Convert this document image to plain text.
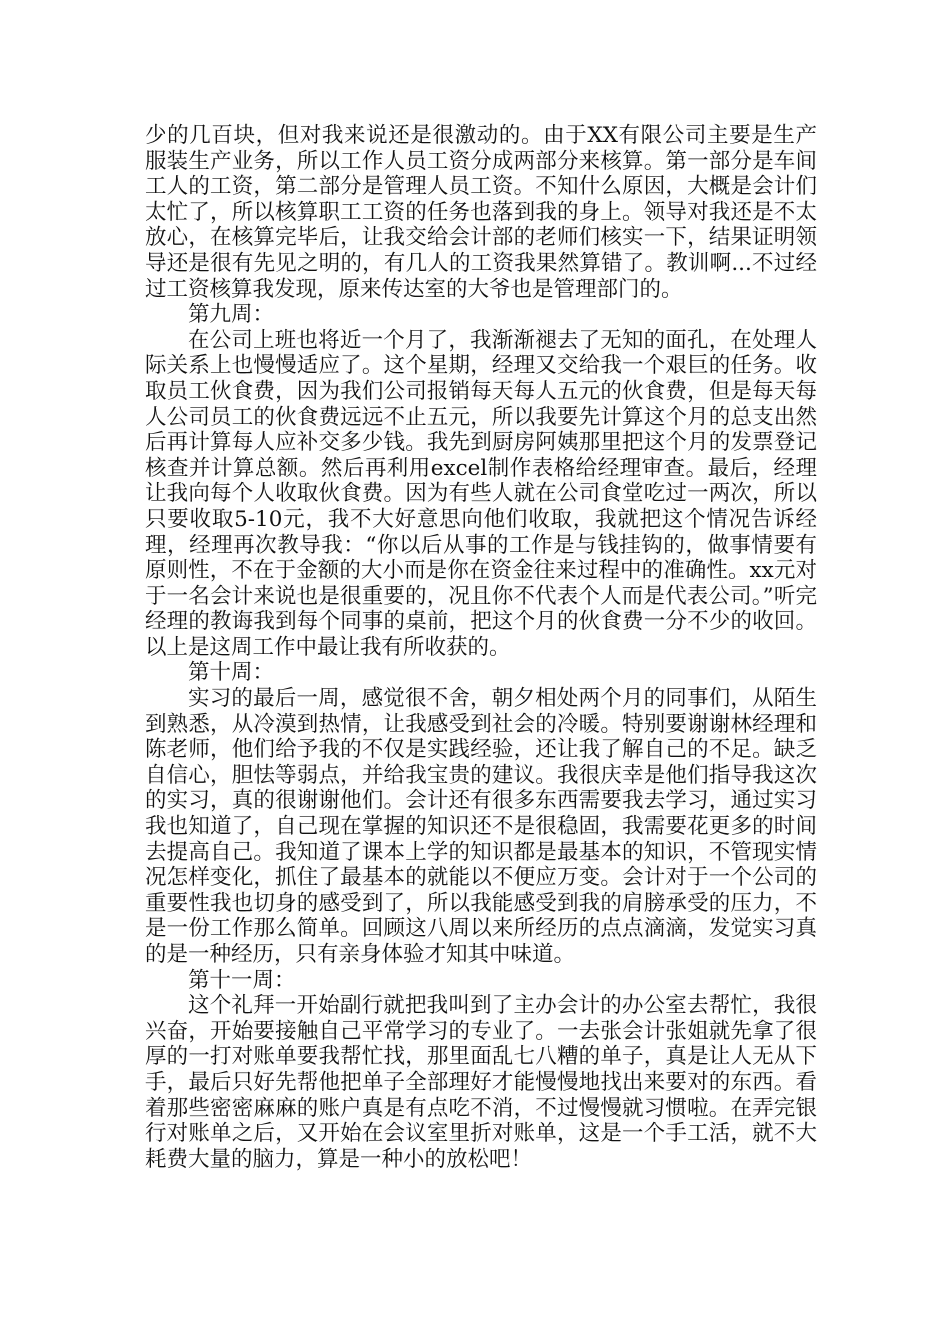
少的几百块，但对我来说还是很激动的。由于XX有限公司主要是生产服装生产业务，所以工作人员工资分成两部分来核算。第一部分是车间工人的工资，第二部分是管理人员工资。不知什么原因，大概是会计们太忙了，所以核算职工工资的任务也落到我的身上。领导对我还是不太放心，在核算完毕后，让我交给会计部的老师们核实一下，结果证明领导还是很有先见之明的，有几人的工资我果然算错了。教训啊...不过经过工资核算我发现，原来传达室的大爷也是管理部门的。

第九周：

在公司上班也将近一个月了，我渐渐褪去了无知的面孔，在处理人际关系上也慢慢适应了。这个星期，经理又交给我一个艰巨的任务。收取员工伙食费，因为我们公司报销每天每人五元的伙食费，但是每天每人公司员工的伙食费远远不止五元，所以我要先计算这个月的总支出然后再计算每人应补交多少钱。我先到厨房阿姨那里把这个月的发票登记核查并计算总额。然后再利用excel制作表格给经理审查。最后，经理让我向每个人收取伙食费。因为有些人就在公司食堂吃过一两次，所以只要收取5-10元，我不大好意思向他们收取，我就把这个情况告诉经理，经理再次教导我：“你以后从事的工作是与钱挂钩的，做事情要有原则性，不在于金额的大小而是你在资金往来过程中的准确性。xx元对于一名会计来说也是很重要的，况且你不代表个人而是代表公司。”听完经理的教诲我到每个同事的桌前，把这个月的伙食费一分不少的收回。以上是这周工作中最让我有所收获的。

第十周：

实习的最后一周，感觉很不舍，朝夕相处两个月的同事们，从陌生到熟悉，从冷漠到热情，让我感受到社会的冷暖。特别要谢谢林经理和陈老师，他们给予我的不仅是实践经验，还让我了解自己的不足。缺乏自信心，胆怯等弱点，并给我宝贵的建议。我很庆幸是他们指导我这次的实习，真的很谢谢他们。会计还有很多东西需要我去学习，通过实习我也知道了，自己现在掌握的知识还不是很稳固，我需要花更多的时间去提高自己。我知道了课本上学的知识都是最基本的知识，不管现实情况怎样变化，抓住了最基本的就能以不便应万变。会计对于一个公司的重要性我也切身的感受到了，所以我能感受到我的肩膀承受的压力，不是一份工作那么简单。回顾这八周以来所经历的点点滴滴，发觉实习真的是一种经历，只有亲身体验才知其中味道。

第十一周：

这个礼拜一开始副行就把我叫到了主办会计的办公室去帮忙，我很兴奋，开始要接触自己平常学习的专业了。一去张会计张姐就先拿了很厚的一打对账单要我帮忙找，那里面乱七八糟的单子，真是让人无从下手，最后只好先帮他把单子全部理好才能慢慢地找出来要对的东西。看着那些密密麻麻的账户真是有点吃不消，不过慢慢就习惯啦。在弄完银行对账单之后，又开始在会议室里折对账单，这是一个手工活，就不大耗费大量的脑力，算是一种小的放松吧！
